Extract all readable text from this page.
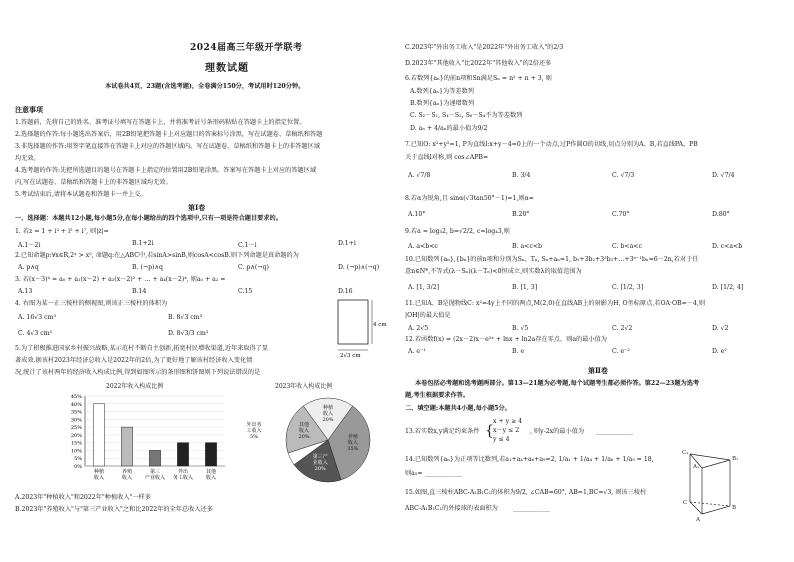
2024届高三年级开学联考
理数试题
本试卷共4页，23题(含选考题)，全卷满分150分，考试用时120分钟。
注意事项
1.答题前，先将自己的姓名、准考证号填写在答题卡上，并将准考证号条形码粘贴在答题卡上的指定位置。
2.选择题的作答:每小题选出答案后，用2B铅笔把答题卡上对应题目的答案标号涂黑，写在试题卷、草稿纸和答题
3.非选择题的作答:用签字笔直接答在答题卡上对应的答题区域内。写在试题卷、草稿纸和答题卡上的非答题区域
均无效。
4.选考题的作答:先把所选题目的题号在答题卡上指定的位置用2B铅笔涂黑。答案写在答题卡上对应的答题区域
内,写在试题卷、草稿纸和答题卡上的非答题区域均无效。
5.考试结束后,请将本试题卷和答题卡一并上交。
第Ⅰ卷
一、选择题：本题共12小题,每小题5分,在每小题给出的四个选项中,只有一项是符合题目要求的。
1. 若z = 1 + i³ + i⁵ + i⁷, 则|z|=
A.1－2i	B.1+2i	C.1－i	D.1+i
2.已知命题p:∀x∈R,2ˣ > x², 命题q:在△ABC中,若sinA>sinB,则cosA<cosB.则下列命题是真命题的为
A. p∧q	B. (¬p)∧q	C. p∧(¬q)	D. (¬p)∧(¬q)
3. 若(x－3)⁴ = a₀ + a₁(x－2) + a₂(x－2)² + … + a₄(x－2)⁴, 则a₀ + a₂ =
A.13	B.14	C.15	D.16
4. 右图为某一正三棱柱的侧视图,则该正三棱柱的体积为
A. 16√3 cm³	B. 8√3 cm³
C. 4√3 cm³	D. 8√3/3 cm³
4 cm
2√3 cm
5.为了积极推进国家乡村振兴战略,某示范村不断自主创新,拓宽村民增收渠道,近年来取得了显
著成效.据该村2023年经济总收入是2022年的2倍,为了更好地了解该村经济收入变化情
况,统计了该村两年的经济收入构成比例,得到如图所示的条形图和饼图则下列说法错误的是
2022年收入构成比例
0%
5%
10%
15%
20%
25%
30%
35%
40%
45%
种植
收入
养殖
收入
第三
产业收入
外出
务工收入
其他
收入
2023年收入构成比例
种植
收入
20%
养殖
收入
35%
第三产
业收入
20%
外出务
工收入
5%
其他
收入
20%
A.2023年"种植收入"和2022年"种植收入"一样多
B.2023年"养殖收入"与"第三产业收入"之和比2022年的全年总收入还多
C.2023年"外出务工收入"是2022年"外出务工收入"的2/3
D.2023年"其他收入"比2022年"其他收入"的2倍还多
6.若数列{aₙ}的前n项和Sn满足Sₙ = n² + n + 3, 则
A.数列{aₙ}为等差数列
B.数列{aₙ}为递增数列
C. S₂－S₁, S₄－S₂, S₆－S₄不为等差数列
D. aₙ + 4/aₙ的最小值为9/2
7.已知O: x²+y²=1, P为直线l:x+y－4=0上的一个动点,过P作圆O的切线,切点分别为A、B,若直线PA、PB
关于直线l对称,则 cos∠APB=
A. √7/8	B. 3/4	C. √7/3	D. √7/4
8.若α为锐角,且 sinα(√3tan50°－1)=1,则α=
A.10°	B.20°	C.70°	D.80°
9.若a = log₅2, b=√2/2, c=log₄3,则
A. a<b<c	B. a<c<b	C. b<a<c	D. c<a<b
10.已知数列{aₙ},{bₙ}的前n项和分别为Sₙ、Tₙ, Sₙ+aₙ=1, b₁+3b₂+3²b₃+…+3ⁿ⁻¹bₙ=6－2n,若对于任
意n∈N*,不等式(λ－Sₙ)(λ－Tₙ)<0恒成立,则实数λ的取值范围为
A. [1, 3/2]	B. [1, 3]	C. [1/2, 3]	D. [1/2, 4]
11.已知A、B是抛物线C: x²=4y上不同的两点,M(2,0)在直线AB上的射影为H, O坐标原点,若OA·OB=－4,则
|OH|的最大值是
A. 2√5	B. √5	C. 2√2	D. √2
12.若函数f(x) = (2x－2)x－e²ˣ + lnx + ln2a存在零点，则a的最小值为
A. e⁻¹	B. e	C. e⁻²	D. e²
第Ⅱ卷
本卷包括必考题和选考题两部分。第13—21题为必考题,每个试题考生都必须作答。第22—23题为选考
题,考生根据要求作答。
二、填空题:本题共4小题,每小题5分。
13.若实数x,y满足约束条件 {
x + y ≥ 4
x－y ≤ 2
y ≤ 4
, 则y-2x的最小值为 ____________
14.已知数列{aₙ}为正项等比数列,若a₁+a₄+a₆+a₉=2, 1/a₁ + 1/a₄ + 1/a₆ + 1/a₉ = 18,
则a₅= ____________
15.如图,直三棱柱ABC-A₁B₁C₁的体积为9/2, ∠CAB=60°, AB=1,BC=√3, 则该三棱柱
ABC-A₁B₁C₁的外接球的表面积为 ____________
C₁
A₁
B₁
C
A
B
